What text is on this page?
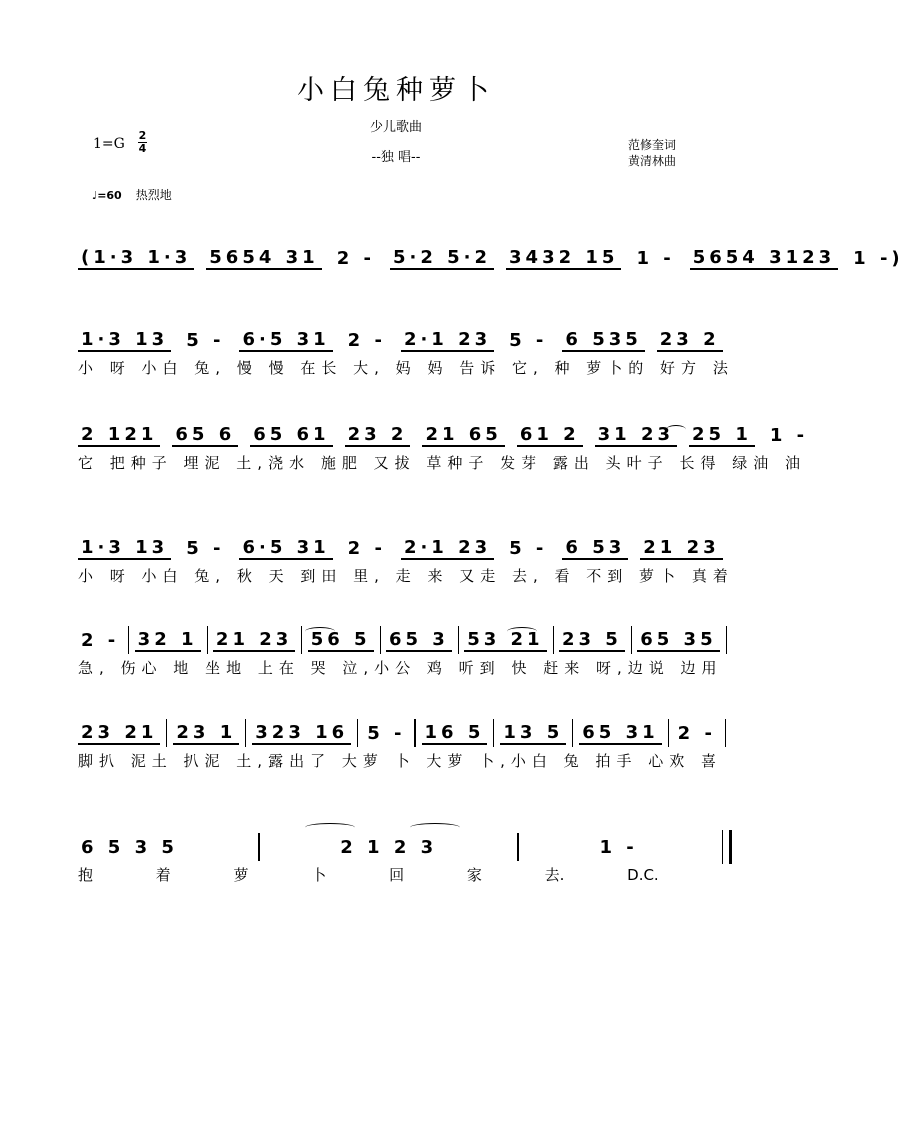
小白兔种萝卜
少儿歌曲
--独 唱--
1=G
2
4	范修奎词
黄清林曲
♩=60 热烈地
(1·3 1·3 5654 31 2 - 5·2 5·2 3432 15 1 - 5654 3123 1 -)
1·3 13 5 - 6·5 31 2 - 2·1 23 5 - 6 535 23 2
小 呀 小白 兔, 慢 慢 在长 大, 妈 妈 告诉 它, 种 萝卜的 好方 法
2 121 65 6 65 61 23 2 21 65 61 2 31 23 25 1 1 -
它 把种子 埋泥 土,浇水 施肥 又拔 草种子 发芽 露出 头叶子 长得 绿油 油
1·3 13 5 - 6·5 31 2 - 2·1 23 5 - 6 53 21 23
小 呀 小白 兔, 秋 天 到田 里, 走 来 又走 去, 看 不到 萝卜 真着
2 - 32 1 21 23 56 5 65 3 53 21 23 5 65 35
急, 伤心 地 坐地 上在 哭 泣,小公 鸡 听到 快 赶来 呀,边说 边用
23 21 23 1 323 16 5 - 16 5 13 5 65 31 2 -
脚扒 泥土 扒泥 土,露出了 大萝 卜 大萝 卜,小白 兔 拍手 心欢 喜
6 5 3 5	2 1 2 3	1 -
抱 着 萝 卜 回 家 去. D.C.
